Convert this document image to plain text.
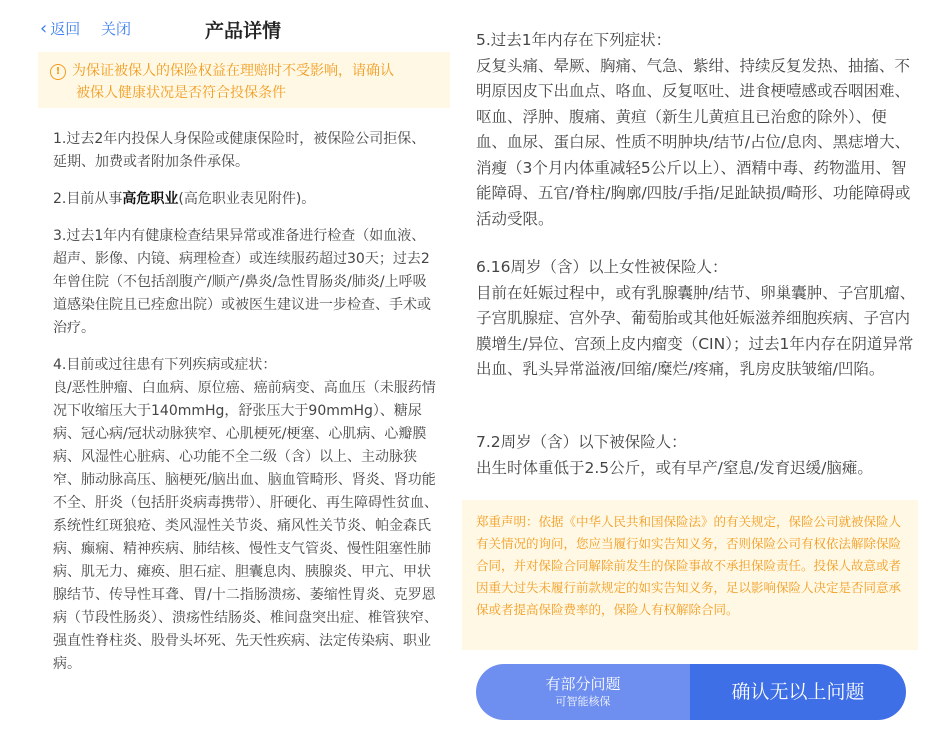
‹ 返回 关闭	产品详情
! 为保证被保人的保险权益在理赔时不受影响，请确认
被保人健康状况是否符合投保条件
1.过去2年内投保人身保险或健康保险时，被保险公司拒保、延期、加费或者附加条件承保。
2.目前从事高危职业(高危职业表见附件)。
3.过去1年内有健康检查结果异常或准备进行检查（如血液、超声、影像、内镜、病理检查）或连续服药超过30天；过去2年曾住院（不包括剖腹产/顺产/鼻炎/急性胃肠炎/肺炎/上呼吸道感染住院且已痊愈出院）或被医生建议进一步检查、手术或治疗。
4.目前或过往患有下列疾病或症状：
良/恶性肿瘤、白血病、原位癌、癌前病变、高血压（未服药情况下收缩压大于140mmHg，舒张压大于90mmHg）、糖尿病、冠心病/冠状动脉狭窄、心肌梗死/梗塞、心肌病、心瓣膜病、风湿性心脏病、心功能不全二级（含）以上、主动脉狭窄、肺动脉高压、脑梗死/脑出血、脑血管畸形、肾炎、肾功能不全、肝炎（包括肝炎病毒携带）、肝硬化、再生障碍性贫血、系统性红斑狼疮、类风湿性关节炎、痛风性关节炎、帕金森氏病、癫痫、精神疾病、肺结核、慢性支气管炎、慢性阻塞性肺病、肌无力、瘫痪、胆石症、胆囊息肉、胰腺炎、甲亢、甲状腺结节、传导性耳聋、胃/十二指肠溃疡、萎缩性胃炎、克罗恩病（节段性肠炎）、溃疡性结肠炎、椎间盘突出症、椎管狭窄、强直性脊柱炎、股骨头坏死、先天性疾病、法定传染病、职业病。
5.过去1年内存在下列症状：
反复头痛、晕厥、胸痛、气急、紫绀、持续反复发热、抽搐、不明原因皮下出血点、咯血、反复呕吐、进食梗噎感或吞咽困难、呕血、浮肿、腹痛、黄疸（新生儿黄疸且已治愈的除外）、便血、血尿、蛋白尿、性质不明肿块/结节/占位/息肉、黑痣增大、消瘦（3个月内体重减轻5公斤以上）、酒精中毒、药物滥用、智能障碍、五官/脊柱/胸廓/四肢/手指/足趾缺损/畸形、功能障碍或活动受限。
6.16周岁（含）以上女性被保险人：
目前在妊娠过程中，或有乳腺囊肿/结节、卵巢囊肿、子宫肌瘤、子宫肌腺症、宫外孕、葡萄胎或其他妊娠滋养细胞疾病、子宫内膜增生/异位、宫颈上皮内瘤变（CIN）；过去1年内存在阴道异常出血、乳头异常溢液/回缩/糜烂/疼痛，乳房皮肤皱缩/凹陷。
7.2周岁（含）以下被保险人：
出生时体重低于2.5公斤，或有早产/窒息/发育迟缓/脑瘫。
郑重声明：依据《中华人民共和国保险法》的有关规定，保险公司就被保险人有关情况的询问，您应当履行如实告知义务，否则保险公司有权依法解除保险合同，并对保险合同解除前发生的保险事故不承担保险责任。投保人故意或者因重大过失未履行前款规定的如实告知义务，足以影响保险人决定是否同意承保或者提高保险费率的，保险人有权解除合同。
有部分问题
可智能核保	确认无以上问题
